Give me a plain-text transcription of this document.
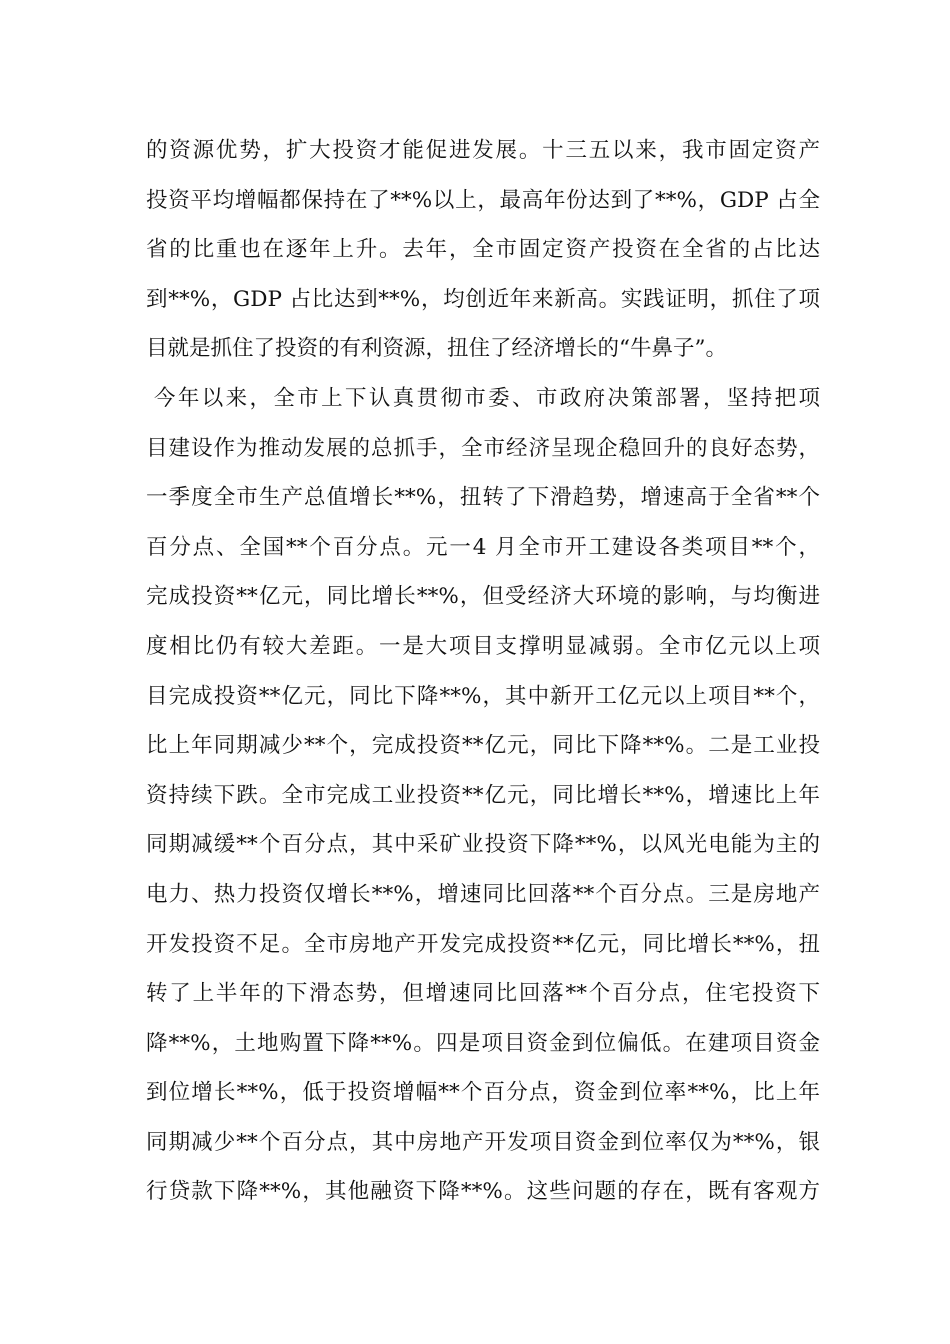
的资源优势，扩大投资才能促进发展。十三五以来，我市固定资产
投资平均增幅都保持在了**%以上，最高年份达到了**%，GDP 占全
省的比重也在逐年上升。去年，全市固定资产投资在全省的占比达
到**%，GDP 占比达到**%，均创近年来新高。实践证明，抓住了项
目就是抓住了投资的有利资源，扭住了经济增长的“牛鼻子”。
今年以来，全市上下认真贯彻市委、市政府决策部署，坚持把项
目建设作为推动发展的总抓手，全市经济呈现企稳回升的良好态势，
一季度全市生产总值增长**%，扭转了下滑趋势，增速高于全省**个
百分点、全国**个百分点。元一4 月全市开工建设各类项目**个，
完成投资**亿元，同比增长**%，但受经济大环境的影响，与均衡进
度相比仍有较大差距。一是大项目支撑明显减弱。全市亿元以上项
目完成投资**亿元，同比下降**%，其中新开工亿元以上项目**个，
比上年同期减少**个，完成投资**亿元，同比下降**%。二是工业投
资持续下跌。全市完成工业投资**亿元，同比增长**%，增速比上年
同期减缓**个百分点，其中采矿业投资下降**%，以风光电能为主的
电力、热力投资仅增长**%，增速同比回落**个百分点。三是房地产
开发投资不足。全市房地产开发完成投资**亿元，同比增长**%，扭
转了上半年的下滑态势，但增速同比回落**个百分点，住宅投资下
降**%，土地购置下降**%。四是项目资金到位偏低。在建项目资金
到位增长**%，低于投资增幅**个百分点，资金到位率**%，比上年
同期减少**个百分点，其中房地产开发项目资金到位率仅为**%，银
行贷款下降**%，其他融资下降**%。这些问题的存在，既有客观方
